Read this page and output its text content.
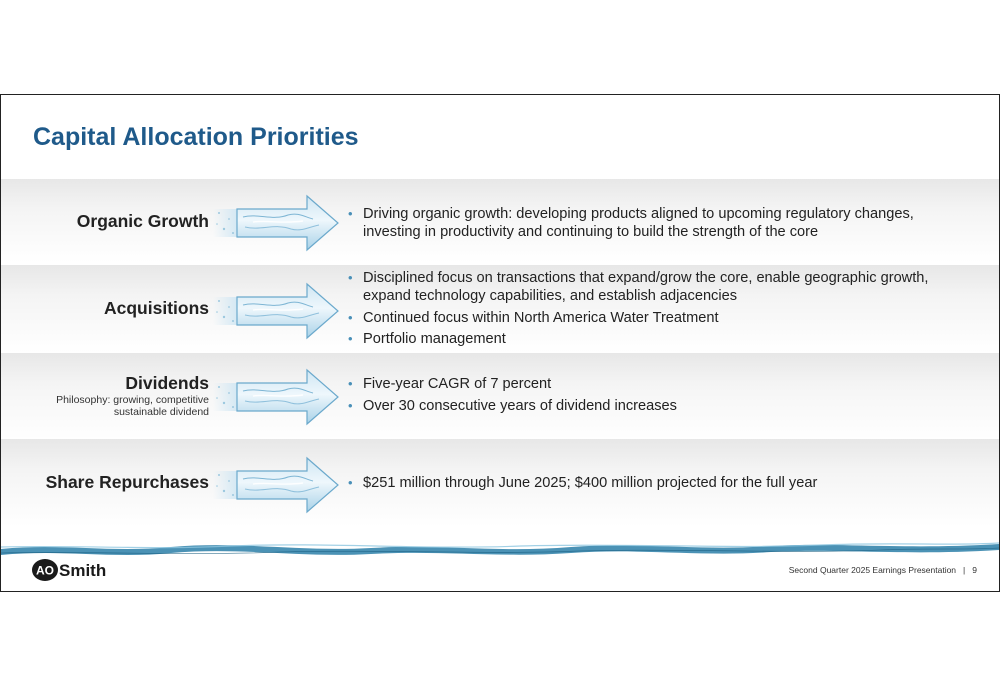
Capital Allocation Priorities
Organic Growth	• Driving organic growth: developing products aligned to upcoming regulatory changes, investing in productivity and continuing to build the strength of the core
Acquisitions
• Disciplined focus on transactions that expand/grow the core, enable geographic growth, expand technology capabilities, and establish adjacencies
• Continued focus within North America Water Treatment
• Portfolio management
Dividends
Philosophy: growing, competitive sustainable dividend
• Five-year CAGR of 7 percent
• Over 30 consecutive years of dividend increases
Share Repurchases	• $251 million through June 2025; $400 million projected for the full year
AO Smith	Second Quarter 2025 Earnings Presentation | 9
